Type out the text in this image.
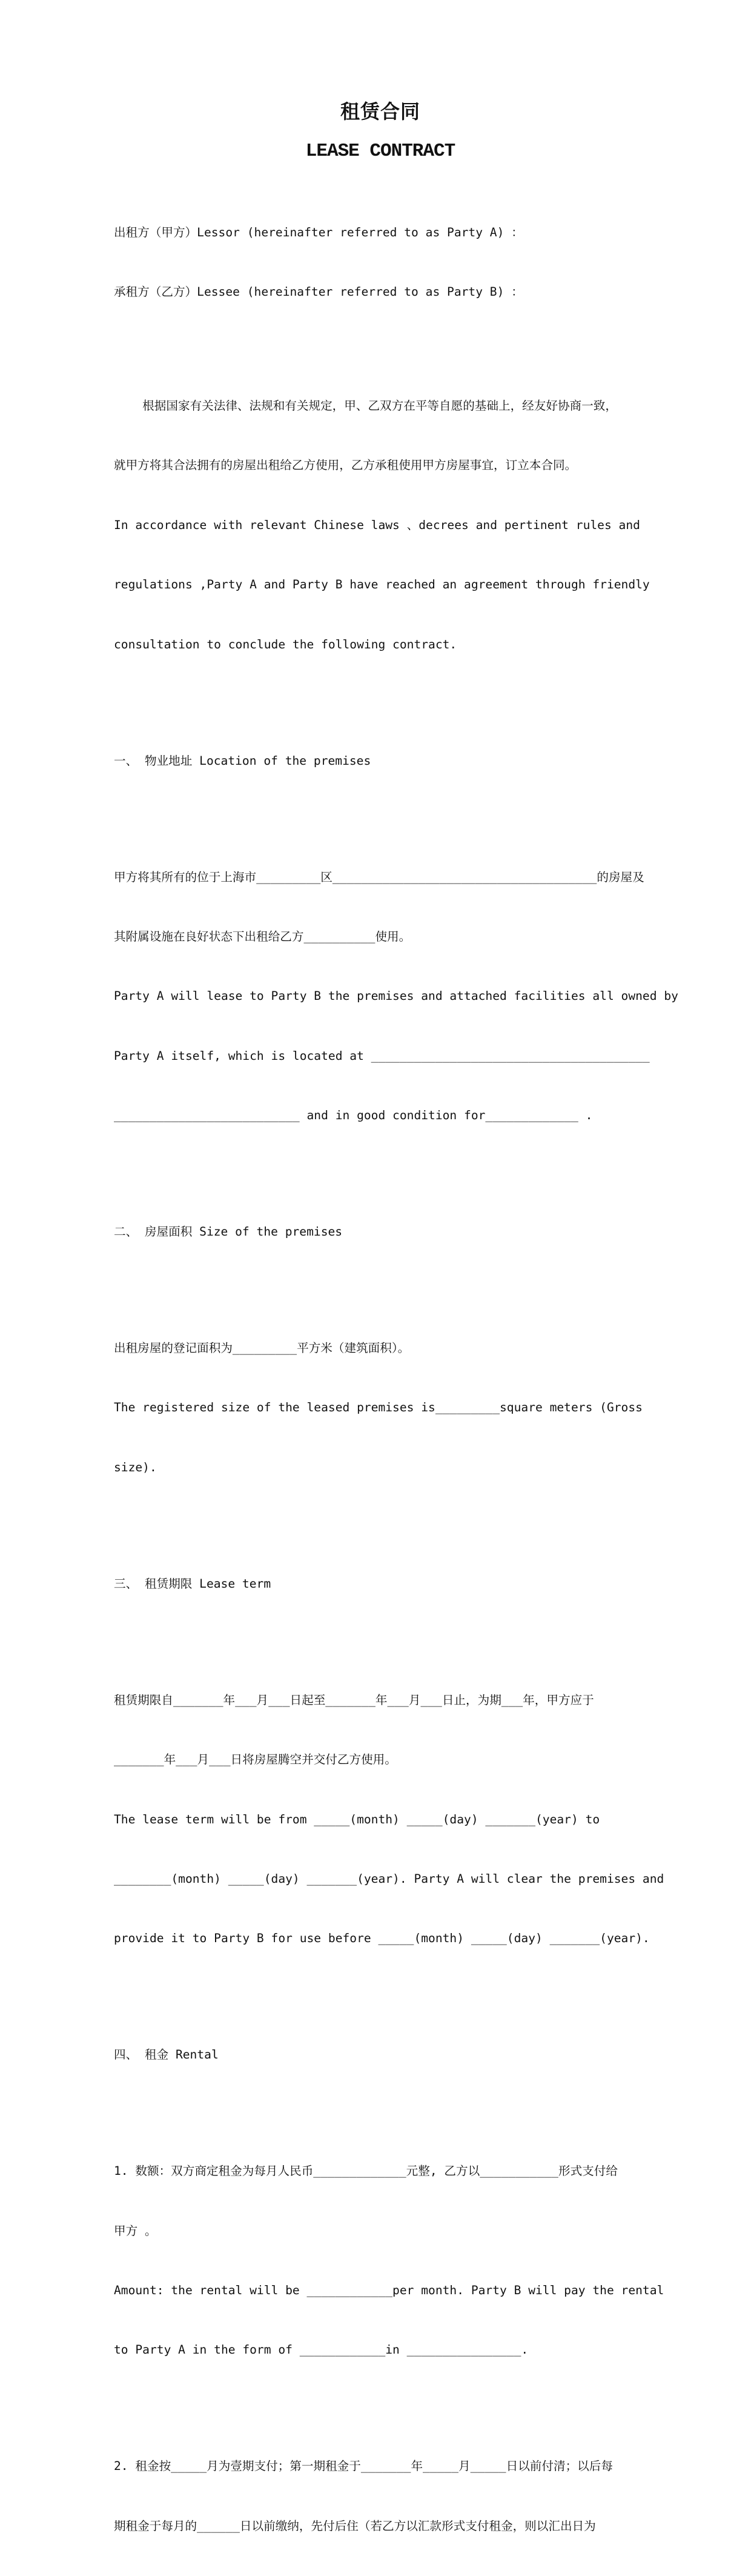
租赁合同
LEASE CONTRACT

出租方（甲方）Lessor (hereinafter referred to as Party A) ：

承租方（乙方）Lessee (hereinafter referred to as Party B) ：

根据国家有关法律、法规和有关规定，甲、乙双方在平等自愿的基础上，经友好协商一致，

就甲方将其合法拥有的房屋出租给乙方使用，乙方承租使用甲方房屋事宜，订立本合同。

In accordance with relevant Chinese laws 、decrees and pertinent rules and

regulations ,Party A and Party B have reached an agreement through friendly

consultation to conclude the following contract.

一、 物业地址 Location of the premises

甲方将其所有的位于上海市_________区_____________________________________的房屋及

其附属设施在良好状态下出租给乙方__________使用。

Party A will lease to Party B the premises and attached facilities all owned by

Party A itself, which is located at _______________________________________

__________________________ and in good condition for_____________ .

二、 房屋面积 Size of the premises

出租房屋的登记面积为_________平方米（建筑面积）。

The registered size of the leased premises is_________square meters (Gross

size).

三、 租赁期限 Lease term

租赁期限自_______年___月___日起至_______年___月___日止，为期___年，甲方应于

_______年___月___日将房屋腾空并交付乙方使用。

The lease term will be from _____(month) _____(day) _______(year) to

________(month) _____(day) _______(year). Party A will clear the premises and

provide it to Party B for use before _____(month) _____(day) _______(year).

四、 租金 Rental

1. 数额：双方商定租金为每月人民币_____________元整, 乙方以___________形式支付给

甲方 。

Amount: the rental will be ____________per month. Party B will pay the rental

to Party A in the form of ____________in ________________.

2. 租金按_____月为壹期支付；第一期租金于_______年_____月_____日以前付清；以后每

期租金于每月的______日以前缴纳，先付后住（若乙方以汇款形式支付租金，则以汇出日为
